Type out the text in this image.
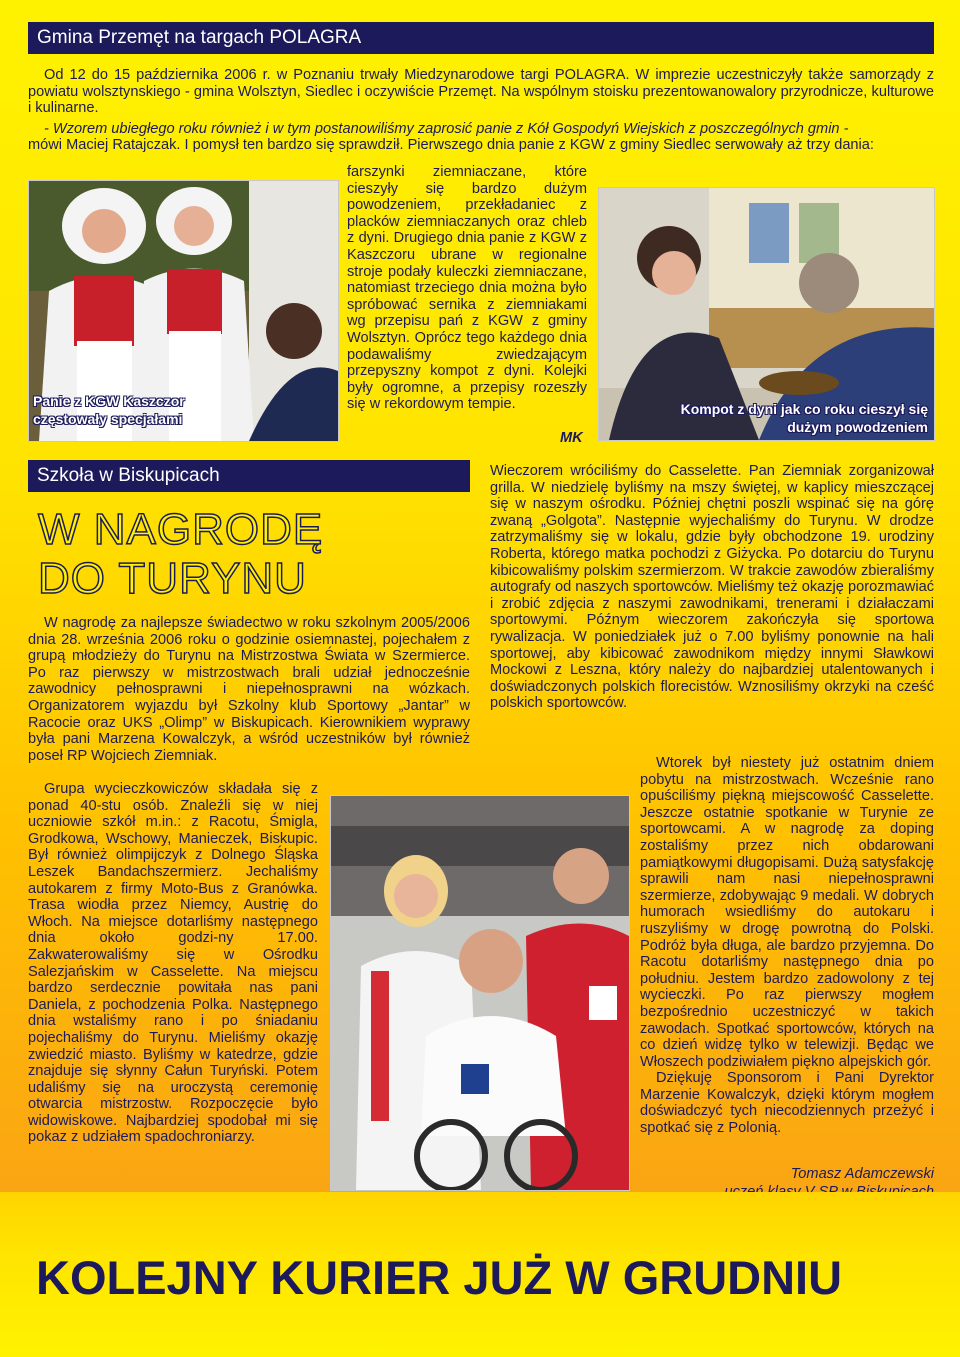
Gmina Przemęt na targach POLAGRA

Od 12 do 15 października 2006 r. w Poznaniu trwały Miedzynarodowe targi POLAGRA. W imprezie uczestniczyły także samorządy z powiatu wolsztynskiego - gmina Wolsztyn, Siedlec i oczywiście Przemęt. Na wspólnym stoisku prezentowanowalory przyrodnicze, kulturowe i kulinarne.

- Wzorem ubiegłego roku również i w tym postanowiliśmy zaprosić panie z Kół Gospodyń Wiejskich z poszczególnych gmin -

mówi Maciej Ratajczak. I pomysł ten bardzo się sprawdził. Pierwszego dnia panie z KGW z gminy Siedlec serwowały aż trzy dania:

Panie z KGW Kaszczor częstowały specjałami

farszynki ziemniaczane, które cieszyły się bardzo dużym powodzeniem, przekładaniec z placków ziemniaczanych oraz chleb z dyni. Drugiego dnia panie z KGW z Kaszczoru ubrane w regionalne stroje podały kuleczki ziemniaczane, natomiast trzeciego dnia można było spróbować sernika z ziemniakami wg przepisu pań z KGW z gminy Wolsztyn. Oprócz tego każdego dnia podawaliśmy zwiedzającym przepyszny kompot z dyni. Kolejki były ogromne, a przepisy rozeszły się w rekordowym tempie.

MK
Kompot z dyni jak co roku cieszył się dużym powodzeniem
Szkoła w Biskupicach
W NAGRODĘ
DO TURYNU

W nagrodę za najlepsze świadectwo w roku szkolnym 2005/2006 dnia 28. września 2006 roku o godzinie osiemnastej, pojechałem z grupą młodzieży do Turynu na Mistrzostwa Świata w Szermierce. Po raz pierwszy w mistrzostwach brali udział jednocześnie zawodnicy pełnosprawni i niepełnosprawni na wózkach. Organizatorem wyjazdu był Szkolny klub Sportowy „Jantar” w Racocie oraz UKS „Olimp” w Biskupicach. Kierownikiem wyprawy była pani Marzena Kowalczyk, a wśród uczestników był również poseł RP Wojciech Ziemniak.

Grupa wycieczkowiczów składała się z ponad 40-stu osób. Znaleźli się w niej uczniowie szkół m.in.: z Racotu, Śmigla, Grodkowa, Wschowy, Manieczek, Biskupic. Był również olimpijczyk z Dolnego Śląska Leszek Bandachszermierz. Jechaliśmy autokarem z firmy Moto-Bus z Granówka. Trasa wiodła przez Niemcy, Austrię do Włoch. Na miejsce dotarliśmy następnego dnia około godzi-ny 17.00. Zakwaterowaliśmy się w Ośrodku Salezjańskim w Casselette. Na miejscu bardzo serdecznie powitała nas pani Daniela, z pochodzenia Polka. Następnego dnia wstaliśmy rano i po śniadaniu pojechaliśmy do Turynu. Mieliśmy okazję zwiedzić miasto. Byliśmy w katedrze, gdzie znajduje się słynny Całun Turyński. Potem udaliśmy się na uroczystą ceremonię otwarcia mistrzostw. Rozpoczęcie było widowiskowe. Najbardziej spodobał mi się pokaz z udziałem spadochroniarzy.

Wieczorem wróciliśmy do Casselette. Pan Ziemniak zorganizował grilla. W niedzielę byliśmy na mszy świętej, w kaplicy mieszczącej się w naszym ośrodku. Później chętni poszli wspinać się na górę zwaną „Golgota”. Następnie wyjechaliśmy do Turynu. W drodze zatrzymaliśmy się w lokalu, gdzie były obchodzone 19. urodziny Roberta, którego matka pochodzi z Giżycka. Po dotarciu do Turynu kibicowaliśmy polskim szermierzom. W trakcie zawodów zbieraliśmy autografy od naszych sportowców. Mieliśmy też okazję porozmawiać i zrobić zdjęcia z naszymi zawodnikami, trenerami i działaczami sportowymi. Późnym wieczorem zakończyła się sportowa rywalizacja. W poniedziałek już o 7.00 byliśmy ponownie na hali sportowej, aby kibicować zawodnikom między innymi Sławkowi Mockowi z Leszna, który należy do najbardziej utalentowanych i doświadczonych polskich florecistów. Wznosiliśmy okrzyki na cześć polskich sportowców.

Wtorek był niestety już ostatnim dniem pobytu na mistrzostwach. Wcześnie rano opuściliśmy piękną miejscowość Casselette. Jeszcze ostatnie spotkanie w Turynie ze sportowcami. A w nagrodę za doping zostaliśmy przez nich obdarowani pamiątkowymi długopisami. Dużą satysfakcję sprawili nam nasi niepełnosprawni szermierze, zdobywając 9 medali. W dobrych humorach wsiedliśmy do autokaru i ruszyliśmy w drogę powrotną do Polski. Podróż była długa, ale bardzo przyjemna. Do Racotu dotarliśmy następnego dnia po południu. Jestem bardzo zadowolony z tej wycieczki. Po raz pierwszy mogłem bezpośrednio uczestniczyć w takich zawodach. Spotkać sportowców, których na co dzień widzę tylko w telewizji. Będąc we Włoszech podziwiałem piękno alpejskich gór.

Dziękuję Sponsorom i Pani Dyrektor Marzenie Kowalczyk, dzięki którym mogłem doświadczyć tych niecodziennych przeżyć i spotkać się z Polonią.

Tomasz Adamczewski
KOLEJNY KURIER JUŻ W GRUDNIU
